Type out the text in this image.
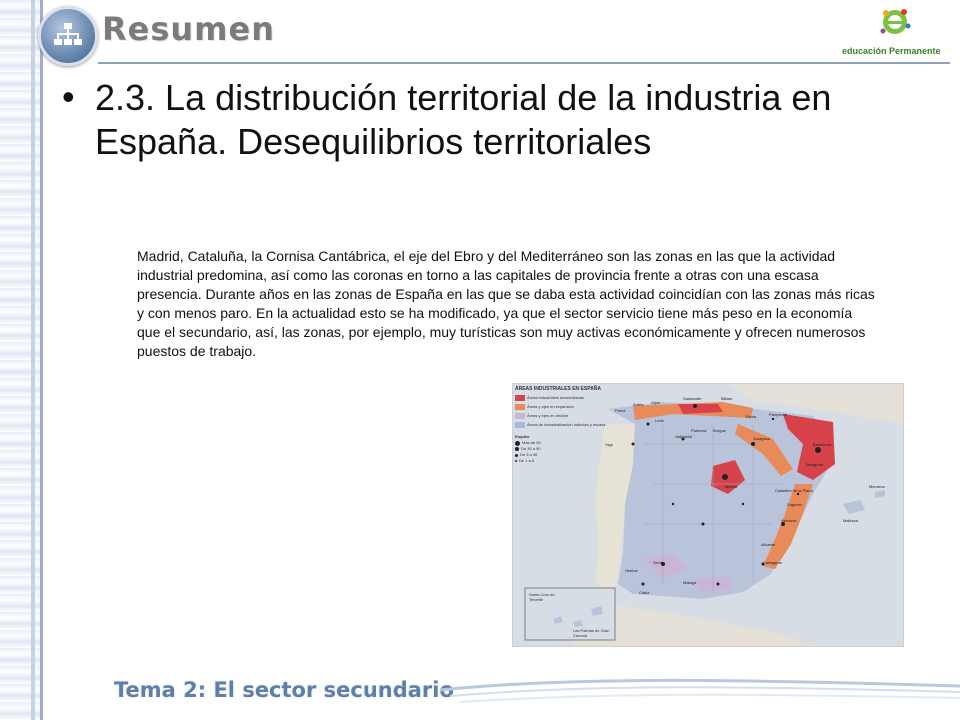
Resumen
educación Permanente
• 2.3. La distribución territorial de la industria en España. Desequilibrios territoriales

Madrid, Cataluña, la Cornisa Cantábrica, el eje del Ebro y del Mediterráneo son las zonas en las que la actividad industrial predomina, así como las coronas en torno a las capitales de provincia frente a otras con una escasa presencia. Durante años en las zonas de España en las que se daba esta actividad coincidían con las zonas más ricas y con menos paro. En la actualidad esto se ha modificado, ya que el sector servicio tiene más peso en la economía que el secundario, así, las zonas, por ejemplo, muy turísticas son muy activas económicamente y ofrecen numerosos puestos de trabajo.

ÁREAS INDUSTRIALES EN ESPAÑA
Áreas industriales desarrolladas
Áreas y ejes en expansión
Áreas y ejes en declive
Áreas de industrialización inducida y escasa
Empleo
Más de 50
De 30 a 50
De 5 a 30
De 1 a 5
Santa Cruz de Tenerife
Las Palmas de Gran Canaria
Gijón
Avilés
Santander	Bilbao
Vitoria	Pamplona
Zaragoza
Barcelona
Tarragona
Valencia
Sagunto
Castellón de la Plana
Alicante
Cartagena
Sevilla
Málaga
Huelva
Cádiz
Madrid
Valladolid
Burgos
Palencia
Ferrol
Vigo
León
Mallorca
Menorca
Tema 2: El sector secundario
